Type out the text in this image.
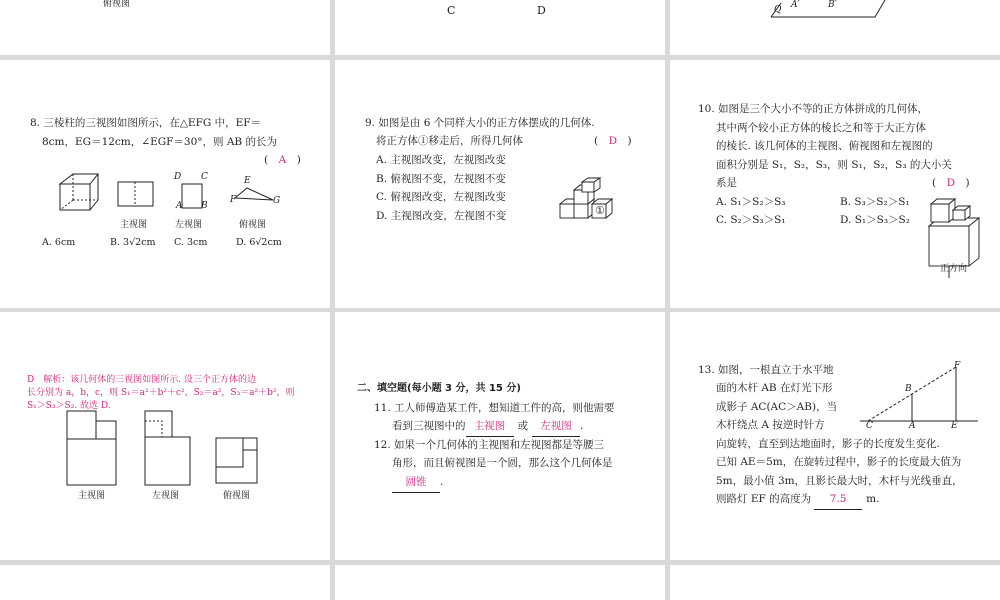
俯视图	C	D	Q A′	B′
8. 三棱柱的三视图如图所示，在△EFG 中，EF＝
8cm，EG＝12cm，∠EGF＝30°，则 AB 的长为
(　A　)
D C
A B
E
F	G
主视图	左视图	俯视图
A. 6cm	B. 3√2cm C. 3cm	D. 6√2cm
9. 如图是由 6 个同样大小的正方体摆成的几何体.
将正方体①移走后，所得几何体	(　D　)
A. 主视图改变，左视图改变
B. 俯视图不变，左视图不变
C. 俯视图改变，左视图改变
D. 主视图改变，左视图不变	①
10. 如图是三个大小不等的正方体拼成的几何体，
其中两个较小正方体的棱长之和等于大正方体
的棱长. 该几何体的主视图、俯视图和左视图的
面积分别是 S₁，S₂，S₃，则 S₁，S₂，S₃ 的大小关
系是	(　D　)
A. S₁＞S₂＞S₃	B. S₃＞S₂＞S₁
C. S₂＞S₃＞S₁	D. S₁＞S₃＞S₂
正方向
D　解析：该几何体的三视图如图所示. 设三个正方体的边
长分别为 a，b，c，则 S₁＝a²＋b²＋c²，S₂＝a²，S₃＝a²＋b²，则
S₁＞S₃＞S₂. 故选 D.
主视图	左视图	俯视图
二、填空题(每小题 3 分，共 15 分)
11. 工人师傅造某工件，想知道工件的高，则他需要
看到三视图中的 主视图 或 左视图 .
12. 如果一个几何体的主视图和左视图都是等腰三
角形，而且俯视图是一个圆，那么这个几何体是
圆锥 .
13. 如图，一根直立于水平地
面的木杆 AB 在灯光下形
成影子 AC(AC＞AB)，当
木杆绕点 A 按逆时针方
向旋转，直至到达地面时，影子的长度发生变化.
已知 AE＝5m，在旋转过程中，影子的长度最大值为
5m，最小值 3m，且影长最大时，木杆与光线垂直，
则路灯 EF 的高度为 7.5 m.
F
B
C	A	E
